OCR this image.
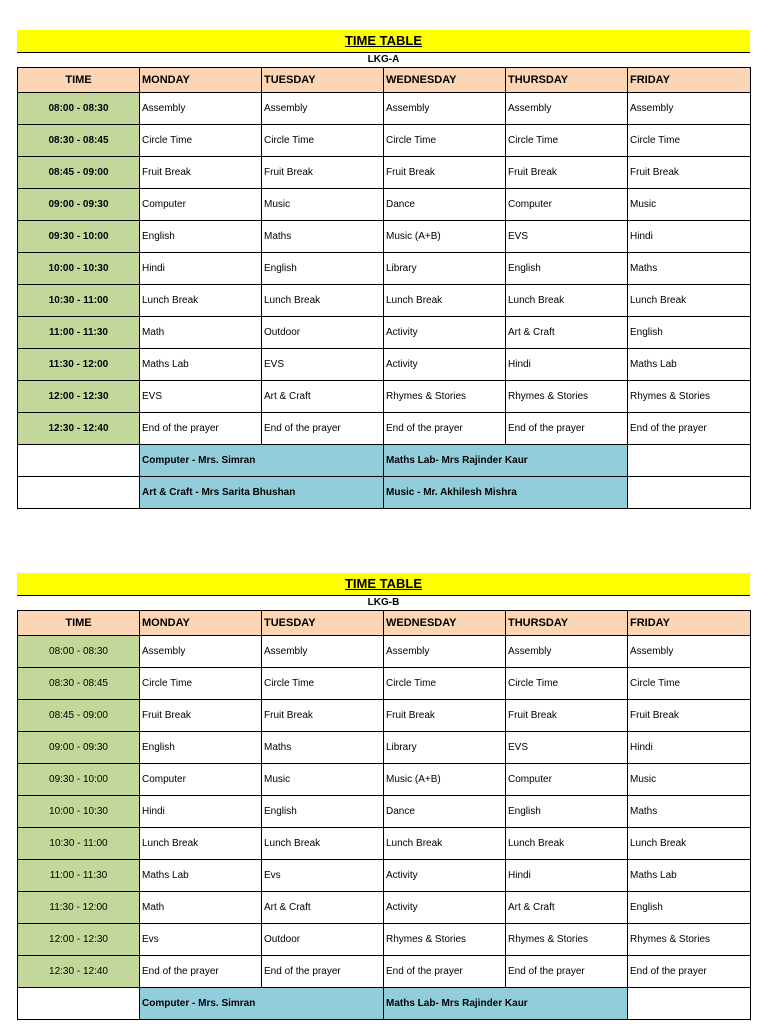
TIME TABLE
LKG-A
TIME	MONDAY	TUESDAY	WEDNESDAY	THURSDAY	FRIDAY
08:00 - 08:30	Assembly	Assembly	Assembly	Assembly	Assembly
08:30 - 08:45	Circle Time	Circle Time	Circle Time	Circle Time	Circle Time
08:45 - 09:00	Fruit Break	Fruit Break	Fruit Break	Fruit Break	Fruit Break
09:00 - 09:30	Computer	Music	Dance	Computer	Music
09:30 - 10:00	English	Maths	Music (A+B)	EVS	Hindi
10:00 - 10:30	Hindi	English	Library	English	Maths
10:30 - 11:00	Lunch Break	Lunch Break	Lunch Break	Lunch Break	Lunch Break
11:00 - 11:30	Math	Outdoor	Activity	Art & Craft	English
11:30 - 12:00	Maths Lab	EVS	Activity	Hindi	Maths Lab
12:00 - 12:30	EVS	Art & Craft	Rhymes & Stories	Rhymes & Stories	Rhymes & Stories
12:30 - 12:40	End of the prayer	End of the prayer	End of the prayer	End of the prayer	End of the prayer
	Computer - Mrs. Simran		Maths Lab- Mrs Rajinder Kaur		
	Art & Craft - Mrs Sarita Bhushan		Music - Mr. Akhilesh Mishra		
TIME TABLE
LKG-B
TIME	MONDAY	TUESDAY	WEDNESDAY	THURSDAY	FRIDAY
08:00 - 08:30	Assembly	Assembly	Assembly	Assembly	Assembly
08:30 - 08:45	Circle Time	Circle Time	Circle Time	Circle Time	Circle Time
08:45 - 09:00	Fruit Break	Fruit Break	Fruit Break	Fruit Break	Fruit Break
09:00 - 09:30	English	Maths	Library	EVS	Hindi
09:30 - 10:00	Computer	Music	Music (A+B)	Computer	Music
10:00 - 10:30	Hindi	English	Dance	English	Maths
10:30 - 11:00	Lunch Break	Lunch Break	Lunch Break	Lunch Break	Lunch Break
11:00 - 11:30	Maths Lab	Evs	Activity	Hindi	Maths Lab
11:30 - 12:00	Math	Art & Craft	Activity	Art & Craft	English
12:00 - 12:30	Evs	Outdoor	Rhymes & Stories	Rhymes & Stories	Rhymes & Stories
12:30 - 12:40	End of the prayer	End of the prayer	End of the prayer	End of the prayer	End of the prayer
	Computer - Mrs. Simran		Maths Lab- Mrs Rajinder Kaur		
